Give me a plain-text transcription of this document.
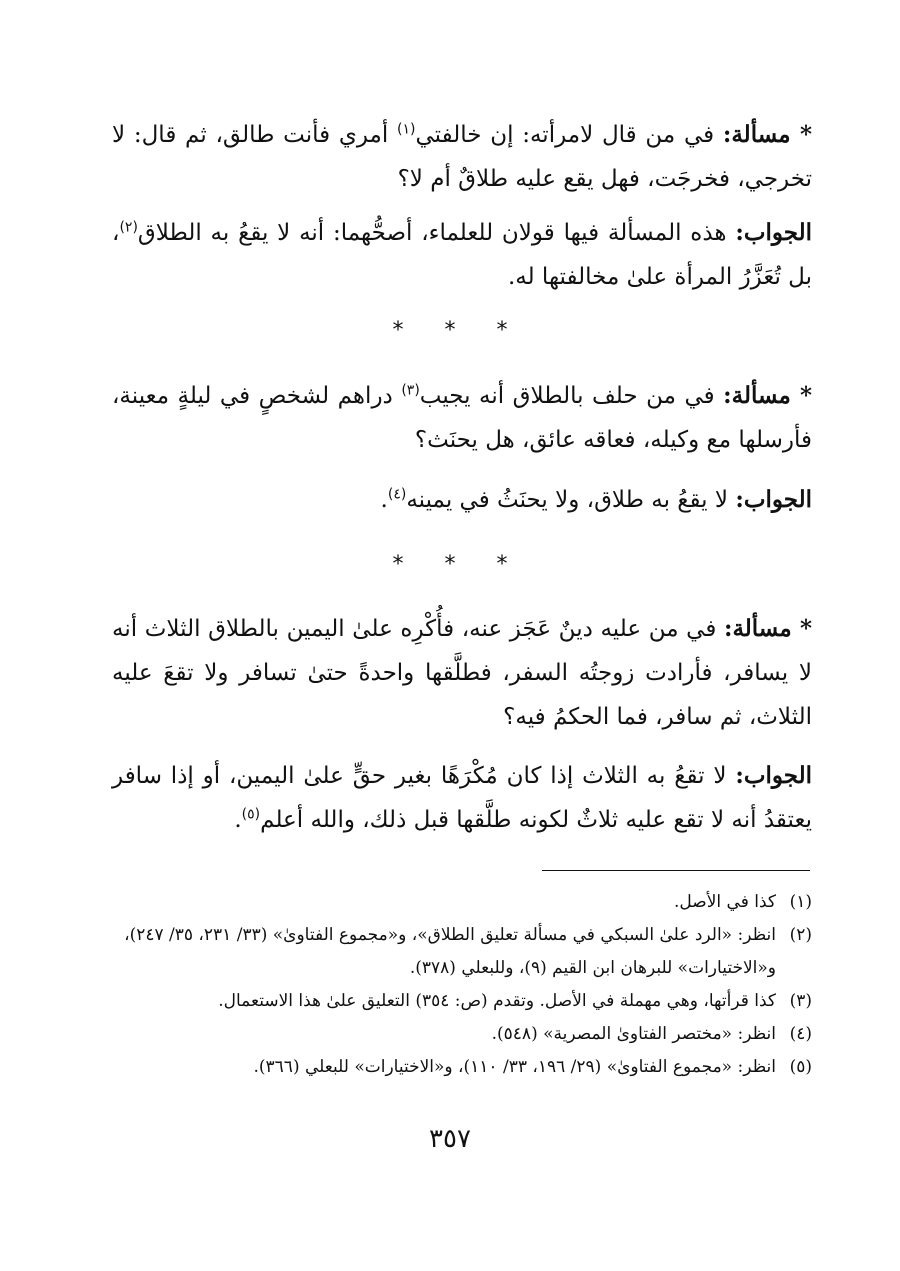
* مسألة: في من قال لامرأته: إن خالفتي$^{(١)}$ أمري فأنت طالق، ثم قال: لا تخرجي، فخرجَت، فهل يقع عليه طلاقٌ أم لا؟

الجواب: هذه المسألة فيها قولان للعلماء، أصحُّهما: أنه لا يقعُ به الطلاق$^{(٢)}$، بل تُعَزَّرُ المرأة علىٰ مخالفتها له.

* * *

* مسألة: في من حلف بالطلاق أنه يجيب$^{(٣)}$ دراهم لشخصٍ في ليلةٍ معينة، فأرسلها مع وكيله، فعاقه عائق، هل يحنَث؟

الجواب: لا يقعُ به طلاق، ولا يحنَثُ في يمينه$^{(٤)}$.

* * *

* مسألة: في من عليه دينٌ عَجَز عنه، فأُكْرِه علىٰ اليمين بالطلاق الثلاث أنه لا يسافر، فأرادت زوجتُه السفر، فطلَّقها واحدةً حتىٰ تسافر ولا تقعَ عليه الثلاث، ثم سافر، فما الحكمُ فيه؟

الجواب: لا تقعُ به الثلاث إذا كان مُكْرَهًا بغير حقٍّ علىٰ اليمين، أو إذا سافر يعتقدُ أنه لا تقع عليه ثلاثٌ لكونه طلَّقها قبل ذلك، والله أعلم$^{(٥)}$.

(١)
كذا في الأصل.
(٢)
انظر: «الرد علىٰ السبكي في مسألة تعليق الطلاق»، و«مجموع الفتاوىٰ» (٣٣/ ٢٣١، ٣٥/ ٢٤٧)، و«الاختيارات» للبرهان ابن القيم (٩)، وللبعلي (٣٧٨).
(٣)
كذا قرأتها، وهي مهملة في الأصل. وتقدم (ص: ٣٥٤) التعليق علىٰ هذا الاستعمال.
(٤)
انظر: «مختصر الفتاوىٰ المصرية» (٥٤٨).
(٥)
انظر: «مجموع الفتاوىٰ» (٢٩/ ١٩٦، ٣٣/ ١١٠)، و«الاختيارات» للبعلي (٣٦٦).
٣٥٧
